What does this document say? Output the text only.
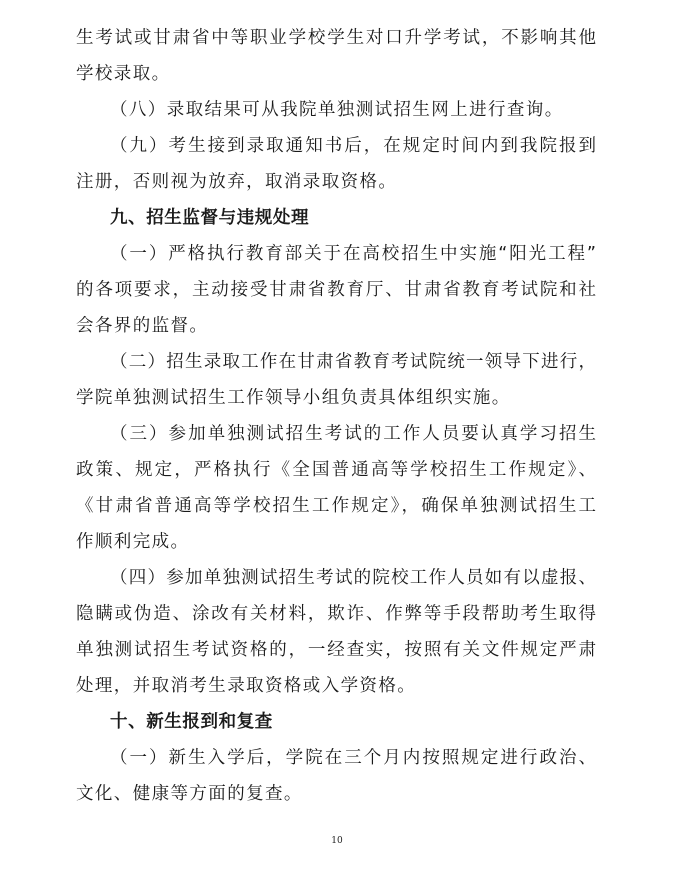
生考试或甘肃省中等职业学校学生对口升学考试，不影响其他
学校录取。
（八）录取结果可从我院单独测试招生网上进行查询。
（九）考生接到录取通知书后，在规定时间内到我院报到
注册，否则视为放弃，取消录取资格。
九、招生监督与违规处理
（一）严格执行教育部关于在高校招生中实施“阳光工程”
的各项要求，主动接受甘肃省教育厅、甘肃省教育考试院和社
会各界的监督。
（二）招生录取工作在甘肃省教育考试院统一领导下进行，
学院单独测试招生工作领导小组负责具体组织实施。
（三）参加单独测试招生考试的工作人员要认真学习招生
政策、规定，严格执行《全国普通高等学校招生工作规定》、
《甘肃省普通高等学校招生工作规定》，确保单独测试招生工
作顺利完成。
（四）参加单独测试招生考试的院校工作人员如有以虚报、
隐瞒或伪造、涂改有关材料，欺诈、作弊等手段帮助考生取得
单独测试招生考试资格的，一经查实，按照有关文件规定严肃
处理，并取消考生录取资格或入学资格。
十、新生报到和复查
（一）新生入学后，学院在三个月内按照规定进行政治、
文化、健康等方面的复查。
10
